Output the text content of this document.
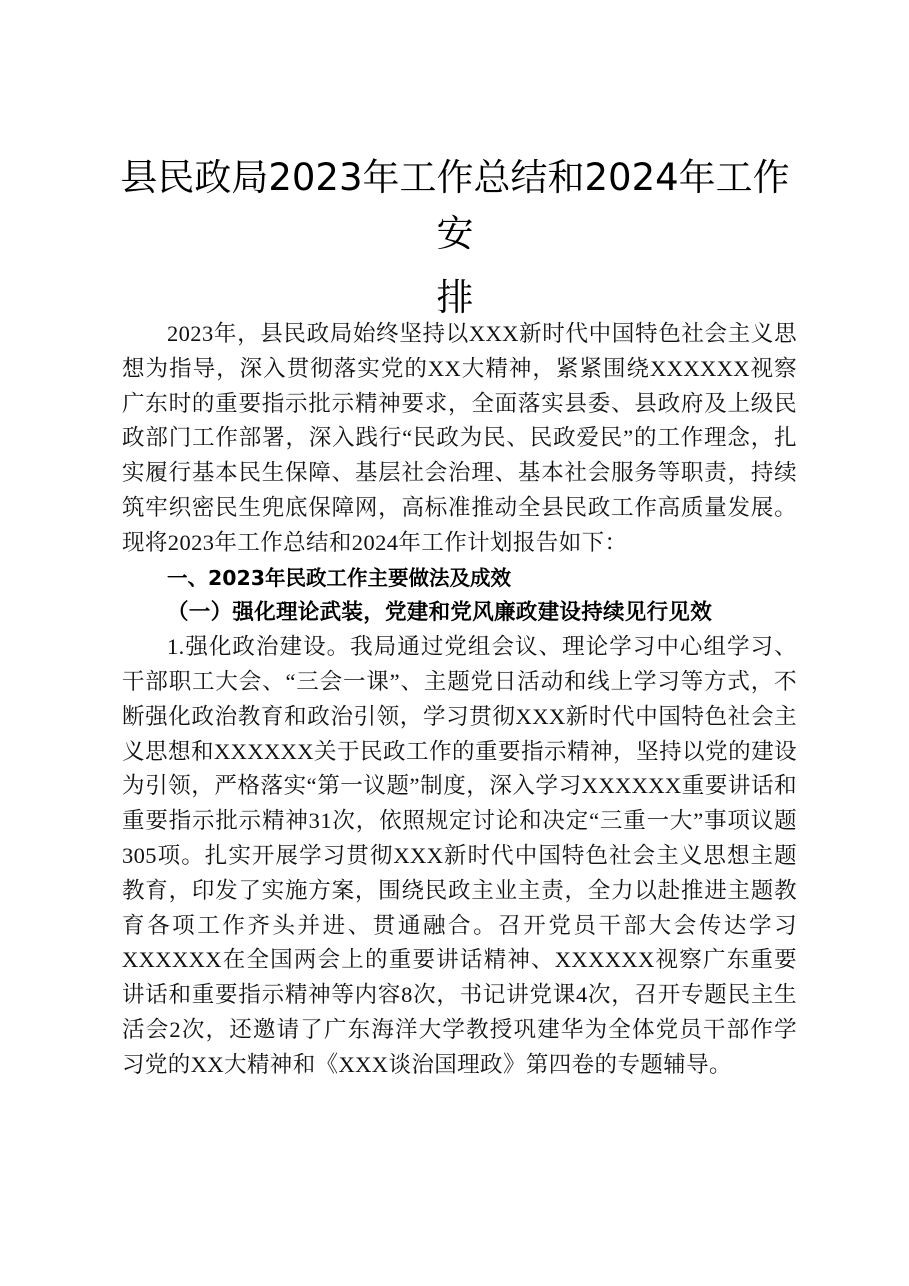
县民政局2023年工作总结和2024年工作安
排

2023年，县民政局始终坚持以XXX新时代中国特色社会主义思想为指导，深入贯彻落实党的XX大精神，紧紧围绕XXXXXX视察广东时的重要指示批示精神要求，全面落实县委、县政府及上级民政部门工作部署，深入践行“民政为民、民政爱民”的工作理念，扎实履行基本民生保障、基层社会治理、基本社会服务等职责，持续筑牢织密民生兜底保障网，高标准推动全县民政工作高质量发展。现将2023年工作总结和2024年工作计划报告如下：

一、2023年民政工作主要做法及成效

（一）强化理论武装，党建和党风廉政建设持续见行见效

1.强化政治建设。我局通过党组会议、理论学习中心组学习、干部职工大会、“三会一课”、主题党日活动和线上学习等方式，不断强化政治教育和政治引领，学习贯彻XXX新时代中国特色社会主义思想和XXXXXX关于民政工作的重要指示精神，坚持以党的建设为引领，严格落实“第一议题”制度，深入学习XXXXXX重要讲话和重要指示批示精神31次，依照规定讨论和决定“三重一大”事项议题305项。扎实开展学习贯彻XXX新时代中国特色社会主义思想主题教育，印发了实施方案，围绕民政主业主责，全力以赴推进主题教育各项工作齐头并进、贯通融合。召开党员干部大会传达学习XXXXXX在全国两会上的重要讲话精神、XXXXXX视察广东重要讲话和重要指示精神等内容8次，书记讲党课4次，召开专题民主生活会2次，还邀请了广东海洋大学教授巩建华为全体党员干部作学习党的XX大精神和《XXX谈治国理政》第四卷的专题辅导。
